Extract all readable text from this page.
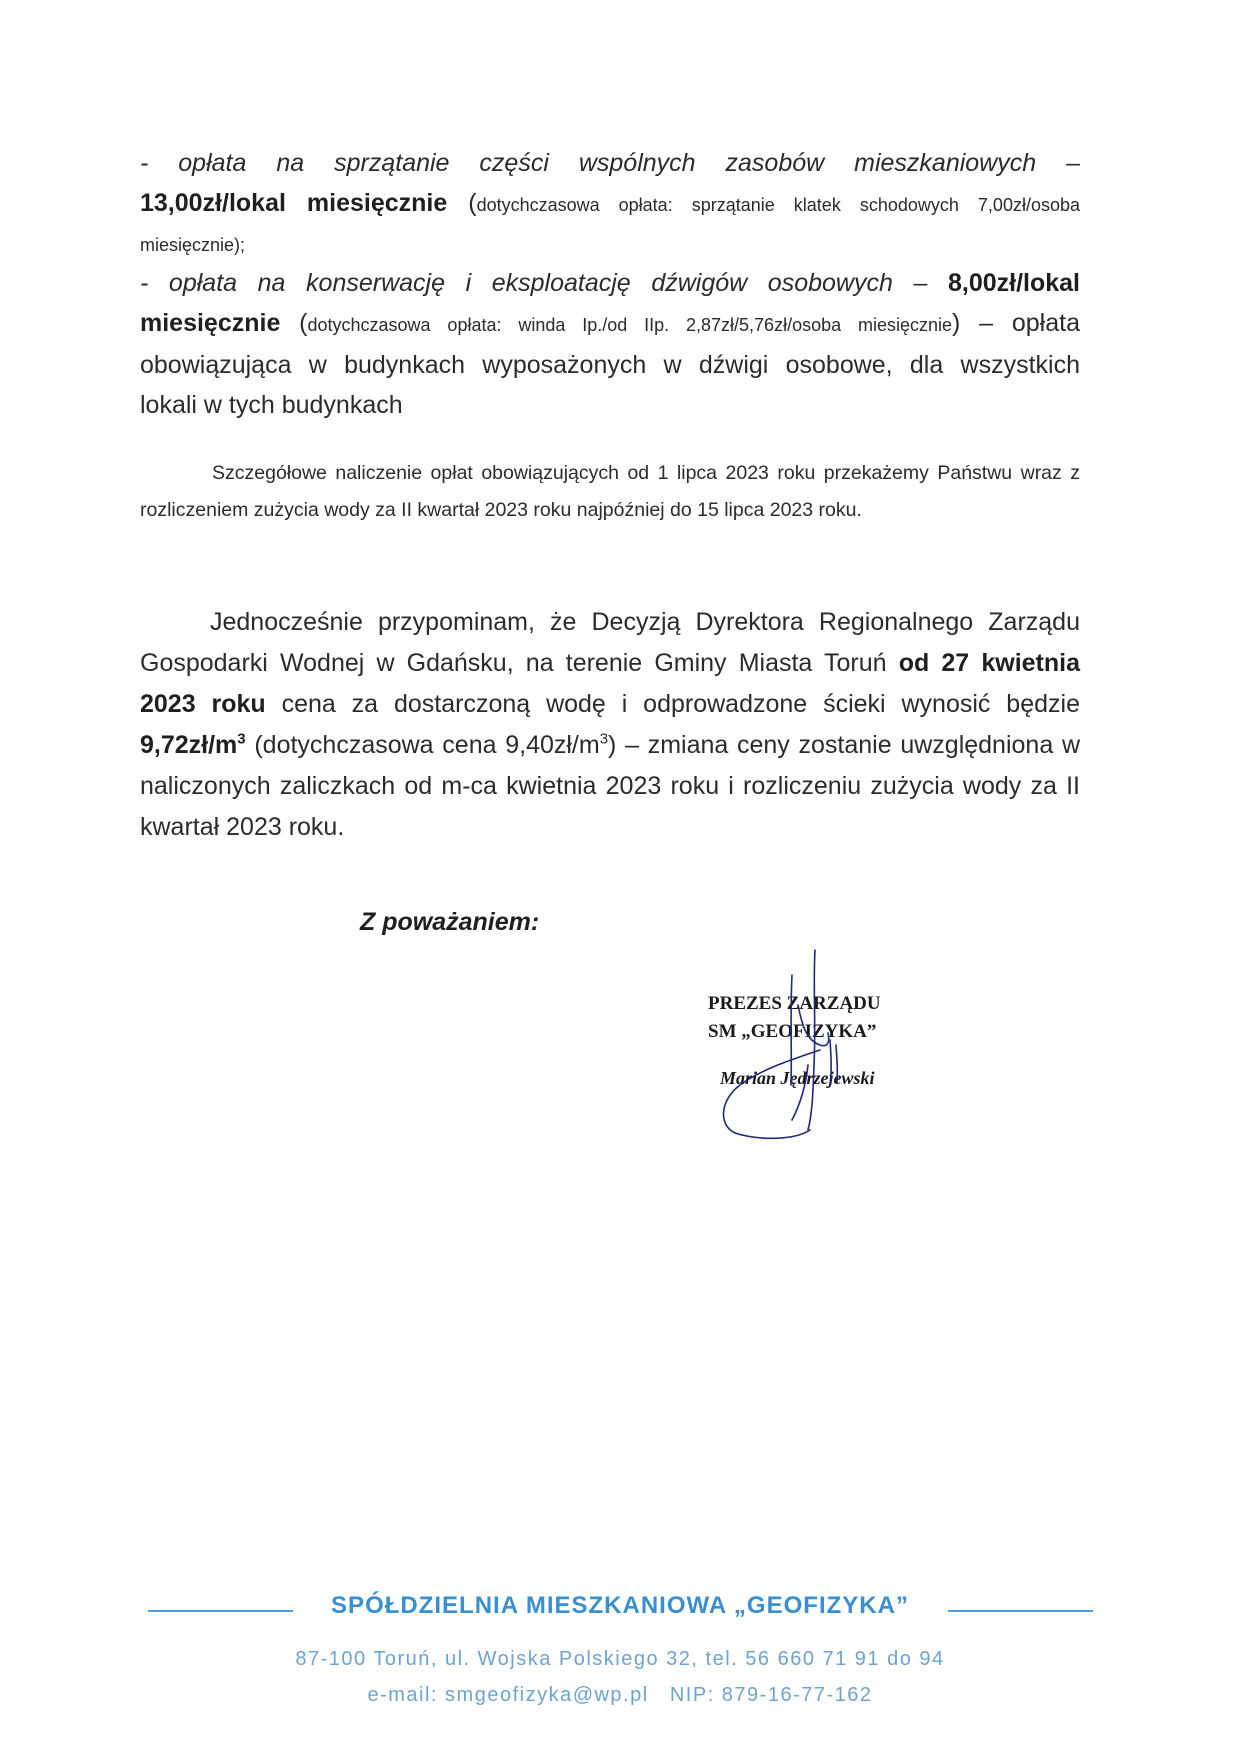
- opłata na sprzątanie części wspólnych zasobów mieszkaniowych –
13,00zł/lokal miesięcznie (dotychczasowa opłata: sprzątanie klatek schodowych 7,00zł/osoba
miesięcznie);
- opłata na konserwację i eksploatację dźwigów osobowych – 8,00zł/lokal
miesięcznie (dotychczasowa opłata: winda Ip./od IIp. 2,87zł/5,76zł/osoba miesięcznie) – opłata
obowiązująca w budynkach wyposażonych w dźwigi osobowe, dla wszystkich
lokali w tych budynkach
Szczegółowe naliczenie opłat obowiązujących od 1 lipca 2023 roku przekażemy Państwu wraz z rozliczeniem zużycia wody za II kwartał 2023 roku najpóźniej do 15 lipca 2023 roku.
Jednocześnie przypominam, że Decyzją Dyrektora Regionalnego Zarządu Gospodarki Wodnej w Gdańsku, na terenie Gminy Miasta Toruń od 27 kwietnia 2023 roku cena za dostarczoną wodę i odprowadzone ścieki wynosić będzie $9,72zł/m^3$ (dotychczasowa cena $9,40zł/m^3$) – zmiana ceny zostanie uwzględniona w naliczonych zaliczkach od m-ca kwietnia 2023 roku i rozliczeniu zużycia wody za II kwartał 2023 roku.
Z poważaniem:
PREZES ZARZĄDU
SM „GEOFIZYKA”
Marian Jędrzejewski
SPÓŁDZIELNIA MIESZKANIOWA „GEOFIZYKA”
87-100 Toruń, ul. Wojska Polskiego 32, tel. 56 660 71 91 do 94
e-mail: smgeofizyka@wp.pl   NIP: 879-16-77-162
